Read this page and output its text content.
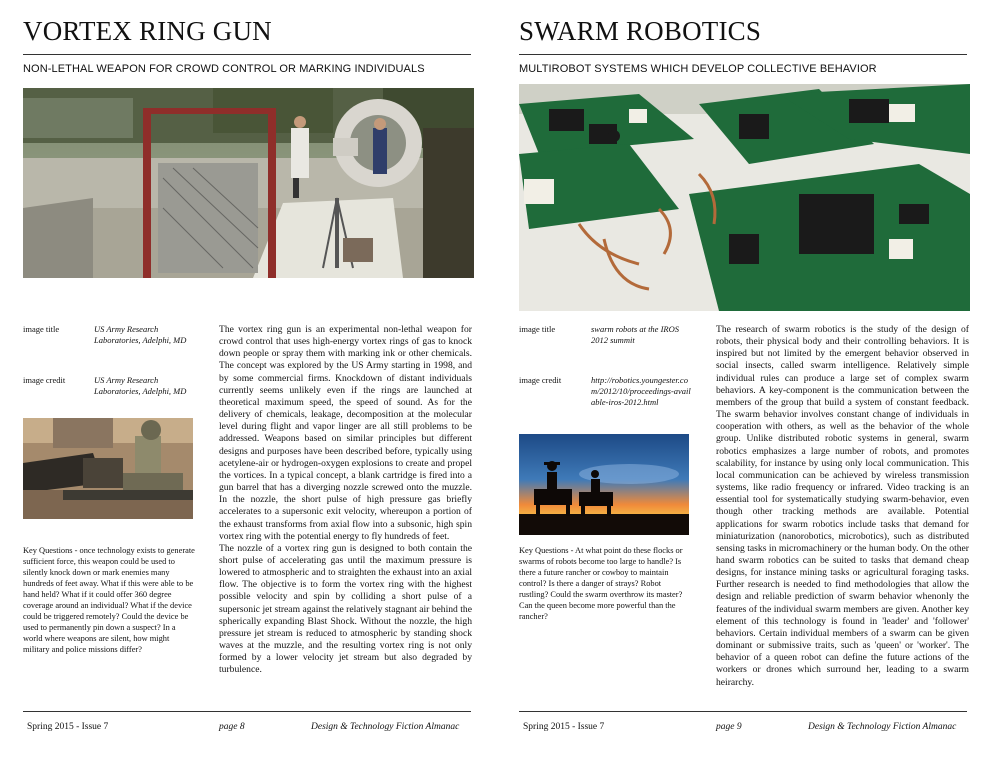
VORTEX RING GUN
NON-LETHAL WEAPON FOR CROWD CONTROL OR MARKING INDIVIDUALS
image title	US Army Research Laboratories, Adelphi, MD
image credit	US Army Research Laboratories, Adelphi, MD
Key Questions - once technology exists to generate sufficient force, this weapon could be used to silently knock down or mark enemies many hundreds of feet away. What if this were able to be hand held? What if it could offer 360 degree coverage around an individual? What if the device could be triggered remotely? Could the device be used to permanently pin down a suspect? In a world where weapons are silent, how might military and police missions differ?

The vortex ring gun is an experimental non-lethal weapon for crowd control that uses high-energy vortex rings of gas to knock down people or spray them with marking ink or other chemicals. The concept was explored by the US Army starting in 1998, and by some commercial firms. Knockdown of distant individuals currently seems unlikely even if the rings are launched at theoretical maximum speed, the speed of sound. As for the delivery of chemicals, leakage, decomposition at the molecular level during flight and vapor linger are all still problems to be addressed. Weapons based on similar principles but different designs and purposes have been described before, typically using acetylene-air or hydrogen-oxygen explosions to create and propel the vortices. In a typical concept, a blank cartridge is fired into a gun barrel that has a diverging nozzle screwed onto the muzzle. In the nozzle, the short pulse of high pressure gas briefly accelerates to a supersonic exit velocity, whereupon a portion of the exhaust transforms from axial flow into a subsonic, high spin vortex ring with the potential energy to fly hundreds of feet.

The nozzle of a vortex ring gun is designed to both contain the short pulse of accelerating gas until the maximum pressure is lowered to atmospheric and to straighten the exhaust into an axial flow. The objective is to form the vortex ring with the highest possible velocity and spin by colliding a short pulse of a supersonic jet stream against the relatively stagnant air behind the spherically expanding Blast Shock. Without the nozzle, the high pressure jet stream is reduced to atmospheric by standing shock waves at the muzzle, and the resulting vortex ring is not only formed by a lower velocity jet stream but also degraded by turbulence.

Spring 2015 - Issue 7	page 8	Design & Technology Fiction Almanac
SWARM ROBOTICS
MULTIROBOT SYSTEMS WHICH DEVELOP COLLECTIVE BEHAVIOR
image title	swarm robots at the IROS 2012 summit
image credit	http://robotics.youngester.com/2012/10/proceedings-available-iros-2012.html
Key Questions - At what point do these flocks or swarms of robots become too large to handle? Is there a future rancher or cowboy to maintain control? Is there a danger of strays? Robot rustling? Could the swarm overthrow its master? Can the queen become more powerful than the rancher?

The research of swarm robotics is the study of the design of robots, their physical body and their controlling behaviors. It is inspired but not limited by the emergent behavior observed in social insects, called swarm intelligence. Relatively simple individual rules can produce a large set of complex swarm behaviors. A key-component is the communication between the members of the group that build a system of constant feedback. The swarm behavior involves constant change of individuals in cooperation with others, as well as the behavior of the whole group. Unlike distributed robotic systems in general, swarm robotics emphasizes a large number of robots, and promotes scalability, for instance by using only local communication. This local communication can be achieved by wireless transmission systems, like radio frequency or infrared. Video tracking is an essential tool for systematically studying swarm-behavior, even though other tracking methods are available. Potential applications for swarm robotics include tasks that demand for miniaturization (nanorobotics, microbotics), such as distributed sensing tasks in micromachinery or the human body. On the other hand swarm robotics can be suited to tasks that demand cheap designs, for instance mining tasks or agricultural foraging tasks. Further research is needed to find methodologies that allow the design and reliable prediction of swarm behavior whenonly the features of the individual swarm members are given. Another key element of this technology is found in 'leader' and 'follower' behaviors. Certain individual members of a swarm can be given dominant or submissive traits, such as 'queen' or 'worker'. The behavior of a queen robot can define the future actions of the workers or drones which surround her, leading to a swarm heirarchy.

Spring 2015 - Issue 7	page 9	Design & Technology Fiction Almanac
